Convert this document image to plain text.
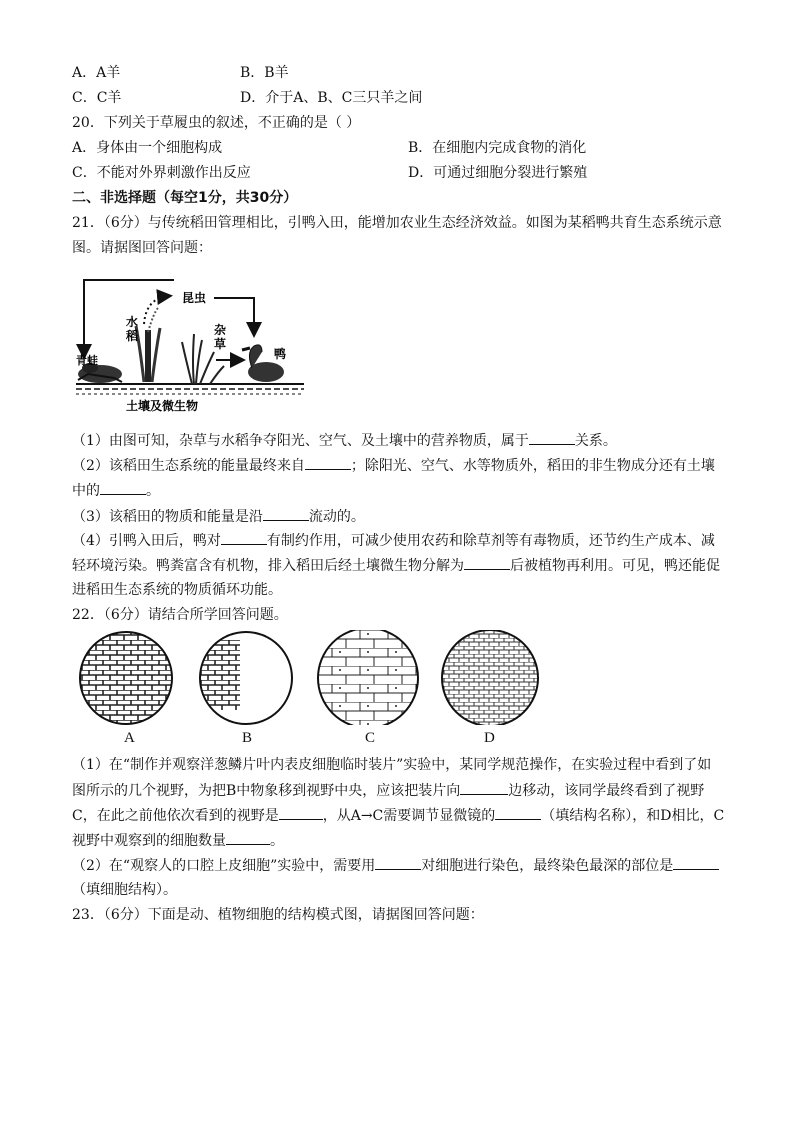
A．A羊	B．B羊
C．C羊	D．介于A、B、C三只羊之间
20．下列关于草履虫的叙述，不正确的是（ ）
A．身体由一个细胞构成	B．在细胞内完成食物的消化
C．不能对外界刺激作出反应	D．可通过细胞分裂进行繁殖
二、非选择题（每空1分，共30分）
21．（6分）与传统稻田管理相比，引鸭入田，能增加农业生态经济效益。如图为某稻鸭共育生态系统示意
图。请据图回答问题：
昆虫
水
稻	杂
草
鸭
青蛙
土壤及微生物
（1）由图可知，杂草与水稻争夺阳光、空气、及土壤中的营养物质，属于	关系。
（2）该稻田生态系统的能量最终来自	；除阳光、空气、水等物质外，稻田的非生物成分还有土壤
中的	。
（3）该稻田的物质和能量是沿	流动的。
（4）引鸭入田后，鸭对	有制约作用，可减少使用农药和除草剂等有毒物质，还节约生产成本、减
轻环境污染。鸭粪富含有机物，排入稻田后经土壤微生物分解为	后被植物再利用。可见，鸭还能促
进稻田生态系统的物质循环功能。
22．（6分）请结合所学回答问题。
A	B	C	D
（1）在“制作并观察洋葱鳞片叶内表皮细胞临时装片”实验中，某同学规范操作，在实验过程中看到了如
图所示的几个视野，为把B中物象移到视野中央，应该把装片向	边移动，该同学最终看到了视野
C，在此之前他依次看到的视野是	，从A→C需要调节显微镜的	（填结构名称），和D相比，C
视野中观察到的细胞数量	。
（2）在“观察人的口腔上皮细胞”实验中，需要用	对细胞进行染色，最终染色最深的部位是
（填细胞结构）。
23．（6分）下面是动、植物细胞的结构模式图，请据图回答问题：
